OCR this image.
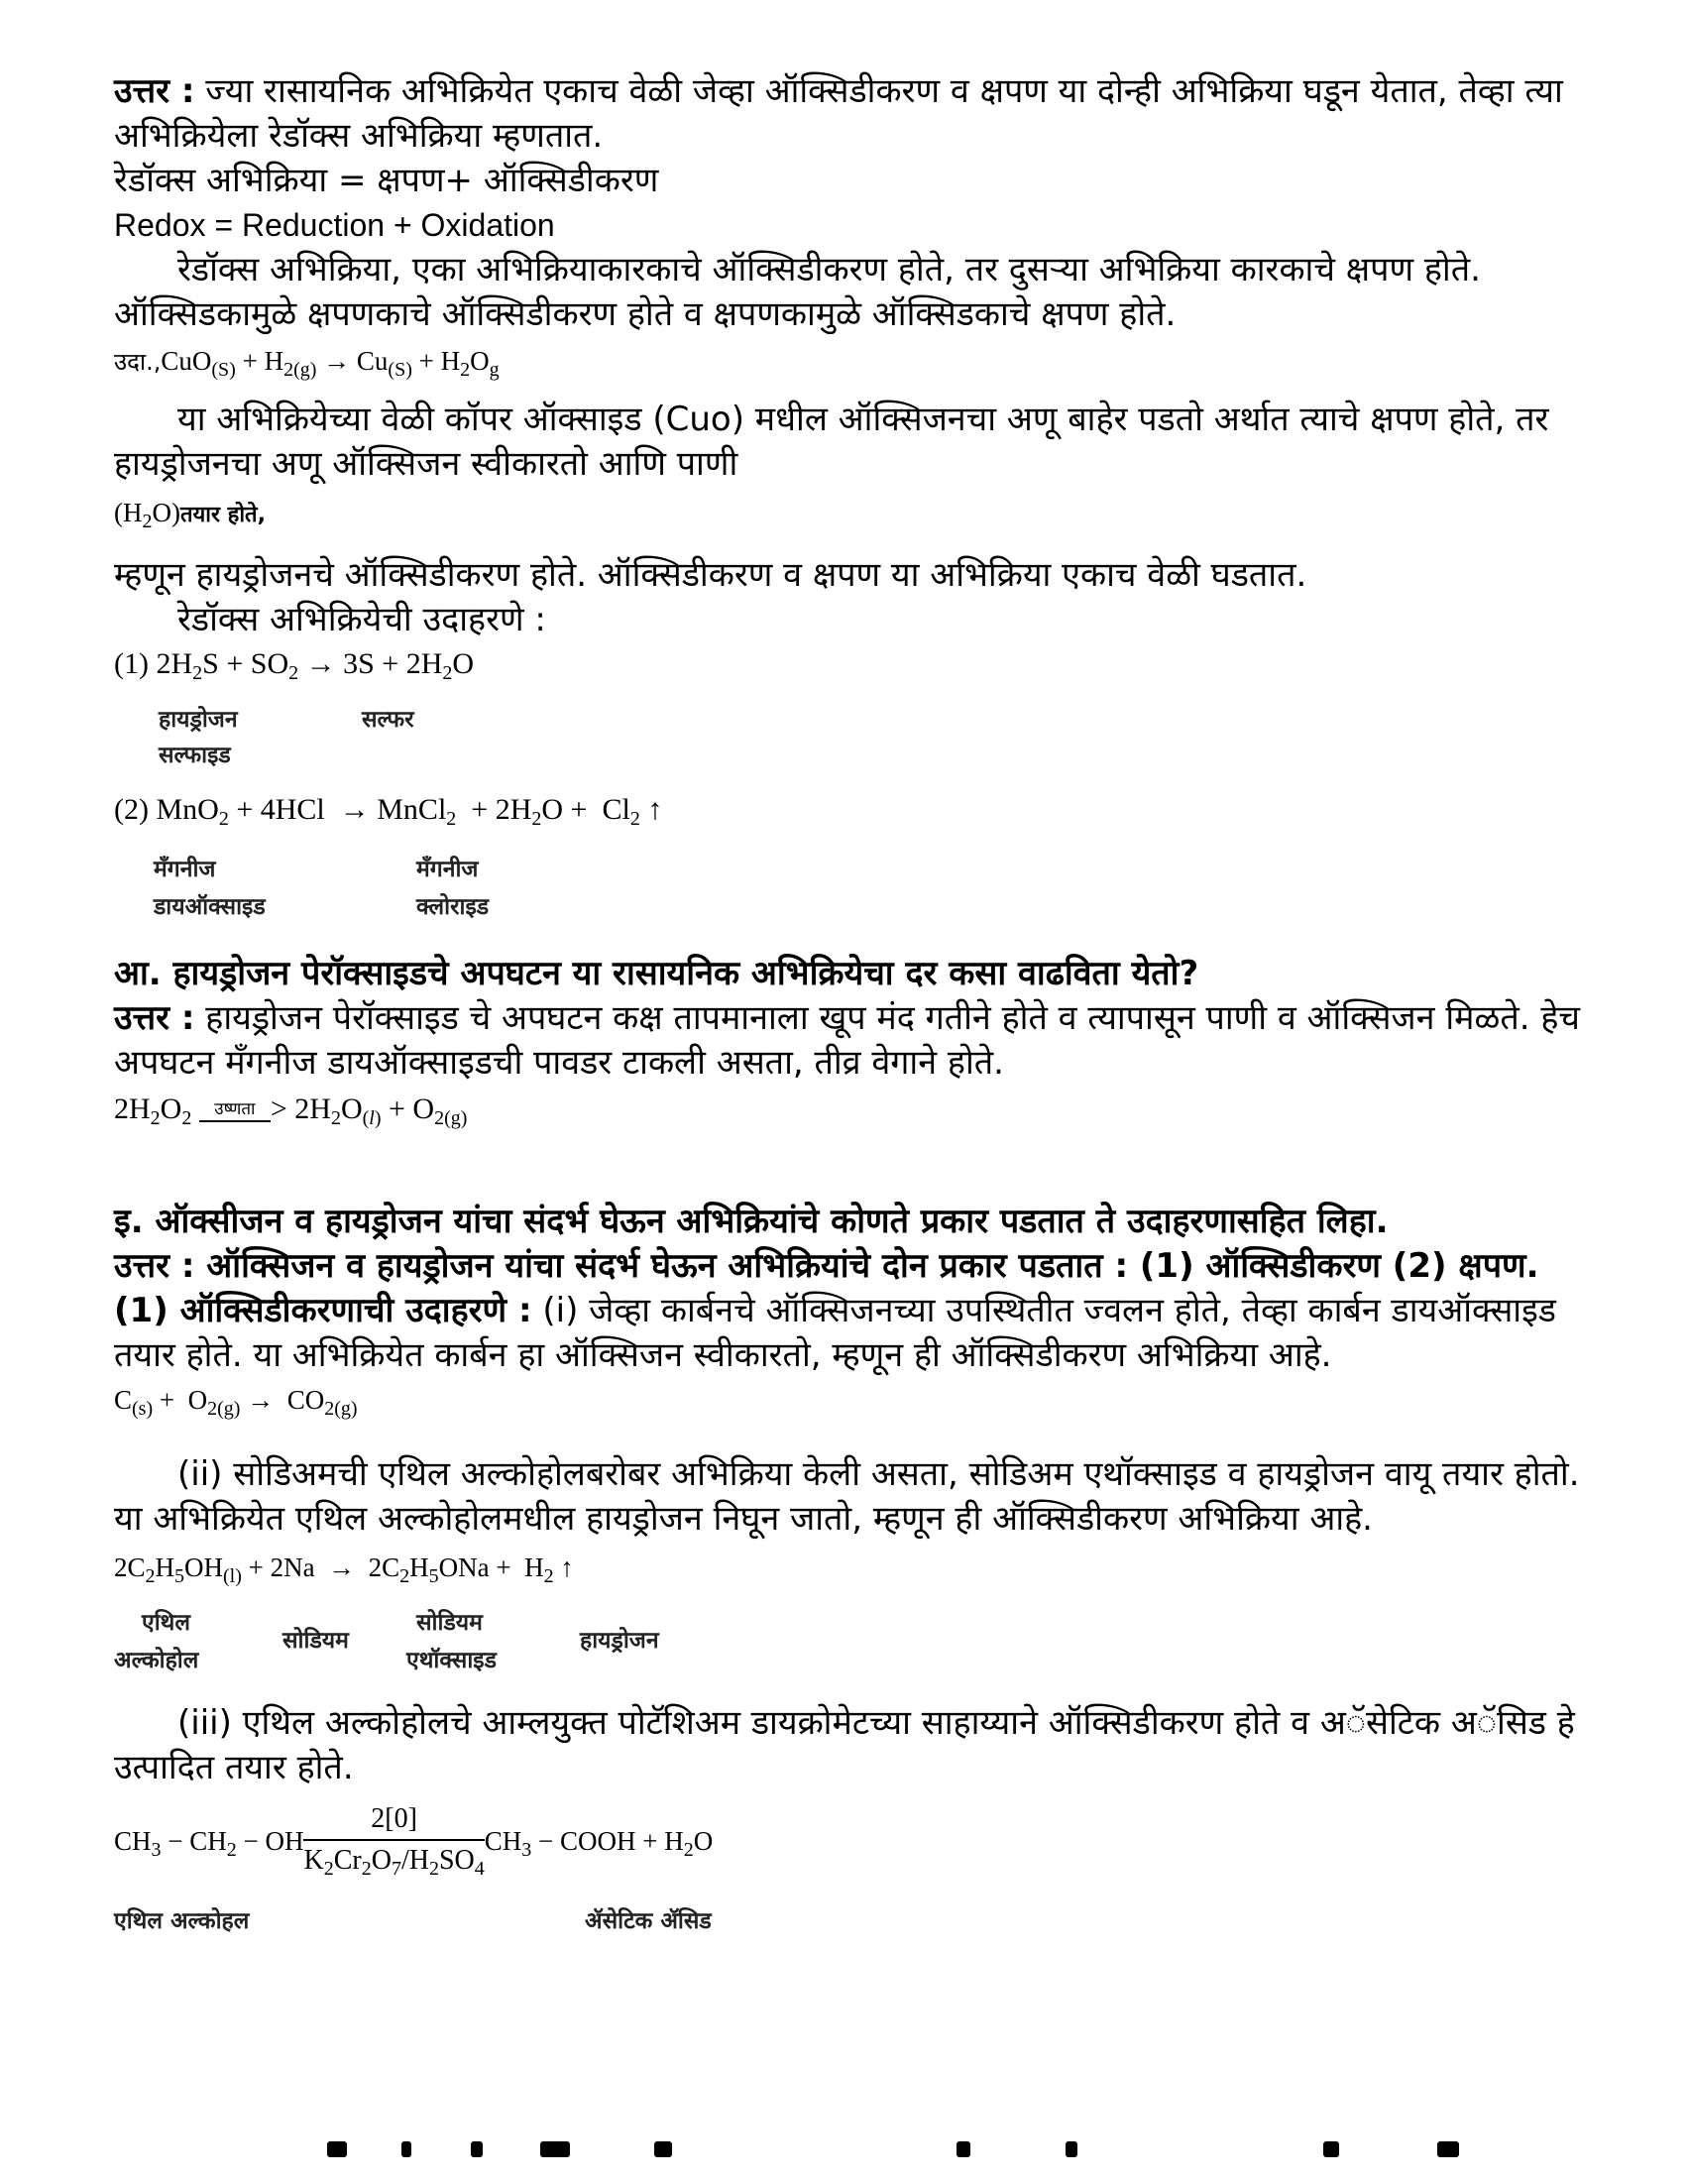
उत्तर : ज्या रासायनिक अभिक्रियेत एकाच वेळी जेव्हा ऑक्सिडीकरण व क्षपण या दोन्ही अभिक्रिया घडून येतात, तेव्हा त्या अभिक्रियेला रेडॉक्स अभिक्रिया म्हणतात.

रेडॉक्स अभिक्रिया = क्षपण+ ऑक्सिडीकरण

Redox = Reduction + Oxidation

रेडॉक्स अभिक्रिया, एका अभिक्रियाकारकाचे ऑक्सिडीकरण होते, तर दुसऱ्या अभिक्रिया कारकाचे क्षपण होते. ऑक्सिडकामुळे क्षपणकाचे ऑक्सिडीकरण होते व क्षपणकामुळे ऑक्सिडकाचे क्षपण होते.

उदा.,CuO$_{(S)}$ + $H_{2(g)} \to Cu_{(S)} + H_2O_g$

या अभिक्रियेच्या वेळी कॉपर ऑक्साइड (Cuo) मधील ऑक्सिजनचा अणू बाहेर पडतो अर्थात त्याचे क्षपण होते, तर हायड्रोजनचा अणू ऑक्सिजन स्वीकारतो आणि पाणी

$(H_2O)तयार$ होते,

म्हणून हायड्रोजनचे ऑक्सिडीकरण होते. ऑक्सिडीकरण व क्षपण या अभिक्रिया एकाच वेळी घडतात.

रेडॉक्स अभिक्रियेची उदाहरणे :

(1) $2H_2S + SO_2 \to 3S + 2H_2O$

हायड्रोजन
सल्फाइड
सल्फर

(2) MnO$_2$ + 4HCl  → MnCl$_2$  + $2H_2O + Cl_2$ ↑

मॅंगनीज
डायऑक्साइड
मॅंगनीज
क्लोराइड

आ. हायड्रोजन पेरॉक्साइडचे अपघटन या रासायनिक अभिक्रियेचा दर कसा वाढविता येतो?

उत्तर : हायड्रोजन पेरॉक्साइड चे अपघटन कक्ष तापमानाला खूप मंद गतीने होते व त्यापासून पाणी व ऑक्सिजन मिळते. हेच अपघटन मॅंगनीज डायऑक्साइडची पावडर टाकली असता, तीव्र वेगाने होते.

$2H_2O_2$	उष्णता > $2H_2O_{(l)} + O_{2(g)}$

इ. ऑक्सीजन व हायड्रोजन यांचा संदर्भ घेऊन अभिक्रियांचे कोणते प्रकार पडतात ते उदाहरणासहित लिहा.

उत्तर : ऑक्सिजन व हायड्रोजन यांचा संदर्भ घेऊन अभिक्रियांचे दोन प्रकार पडतात : (1) ऑक्सिडीकरण (2) क्षपण.

(1) ऑक्सिडीकरणाची उदाहरणे : (i) जेव्हा कार्बनचे ऑक्सिजनच्या उपस्थितीत ज्वलन होते, तेव्हा कार्बन डायऑक्साइड तयार होते. या अभिक्रियेत कार्बन हा ऑक्सिजन स्वीकारतो, म्हणून ही ऑक्सिडीकरण अभिक्रिया आहे.

$C_{(s)} + O_{2(g)} \to CO_{2(g)}$

(ii) सोडिअमची एथिल अल्कोहोलबरोबर अभिक्रिया केली असता, सोडिअम एथॉक्साइड व हायड्रोजन वायू तयार होतो. या अभिक्रियेत एथिल अल्कोहोलमधील हायड्रोजन निघून जातो, म्हणून ही ऑक्सिडीकरण अभिक्रिया आहे.

$2C_2H_5OH_{(l)} + 2Na \to 2C_2H_5ONa + H_2$ ↑

एथिल
अल्कोहोल
सोडियम
सोडियम
एथॉक्साइड
हायड्रोजन

(iii) एथिल अल्कोहोलचे आम्लयुक्त पोटॅशिअम डायक्रोमेटच्या साहाय्याने ऑक्सिडीकरण होते व अॅसेटिक अॅसिड हे उत्पादित तयार होते.

$CH_3 - CH_2$ − OH $\frac{2[0]}{K_2Cr_2O_7/H_2SO_4} CH_3$ − COOH + $H_2O$

एथिल अल्कोहल	ॲसेटिक ॲसिड
